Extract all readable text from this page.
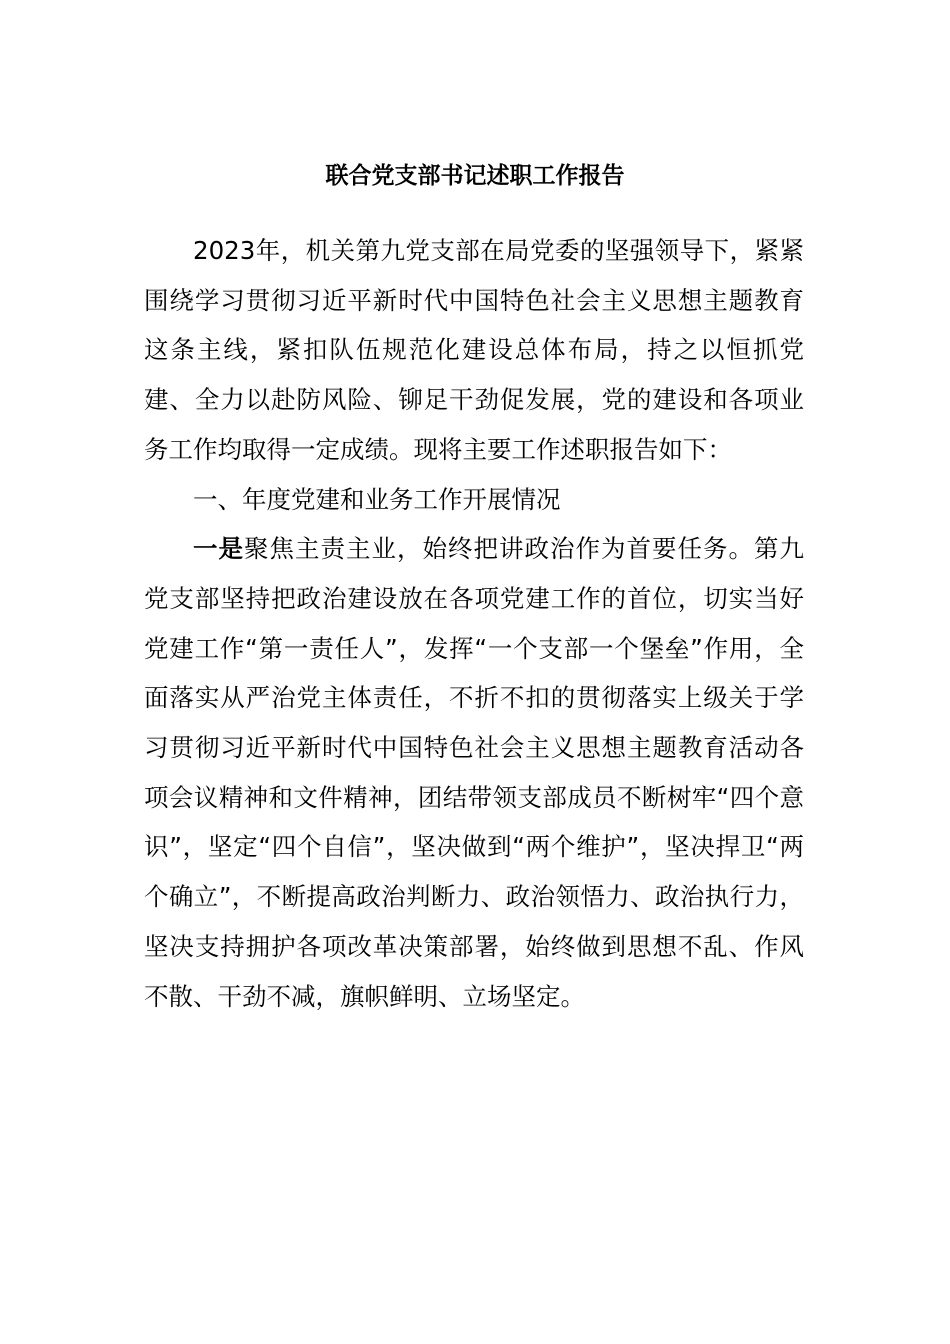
联合党支部书记述职工作报告

2023年，机关第九党支部在局党委的坚强领导下，紧紧围绕学习贯彻习近平新时代中国特色社会主义思想主题教育这条主线，紧扣队伍规范化建设总体布局，持之以恒抓党建、全力以赴防风险、铆足干劲促发展，党的建设和各项业务工作均取得一定成绩。现将主要工作述职报告如下：

一、年度党建和业务工作开展情况

一是聚焦主责主业，始终把讲政治作为首要任务。第九党支部坚持把政治建设放在各项党建工作的首位，切实当好党建工作“第一责任人”，发挥“一个支部一个堡垒”作用，全面落实从严治党主体责任，不折不扣的贯彻落实上级关于学习贯彻习近平新时代中国特色社会主义思想主题教育活动各项会议精神和文件精神，团结带领支部成员不断树牢“四个意识”，坚定“四个自信”，坚决做到“两个维护”，坚决捍卫“两个确立”，不断提高政治判断力、政治领悟力、政治执行力，坚决支持拥护各项改革决策部署，始终做到思想不乱、作风不散、干劲不减，旗帜鲜明、立场坚定。
